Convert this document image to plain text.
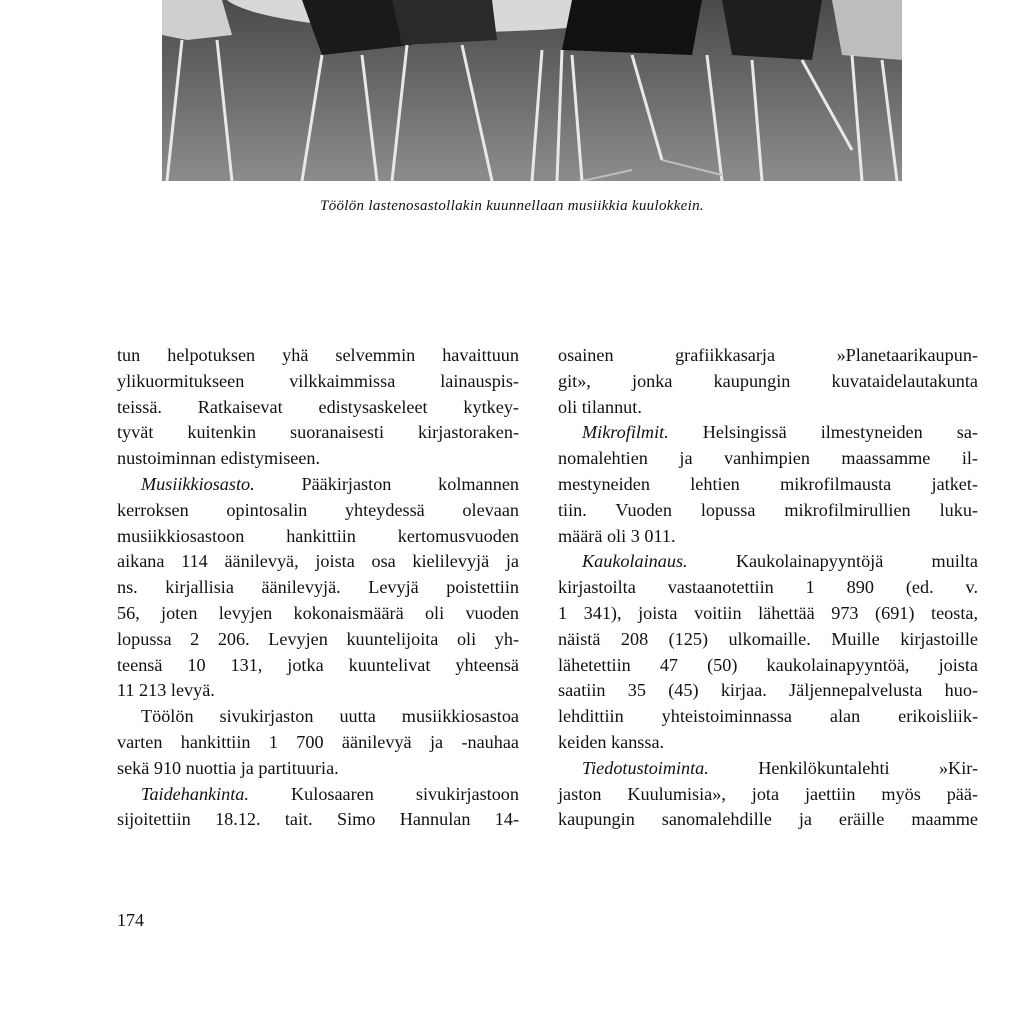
Töölön lastenosastollakin kuunnellaan musiikkia kuulokkein.
tun helpotuksen yhä selvemmin havaittuun
ylikuormitukseen vilkkaimmissa lainauspis-
teissä. Ratkaisevat edistysaskeleet kytkey-
tyvät kuitenkin suoranaisesti kirjastoraken-
nustoiminnan edistymiseen.
Musiikkiosasto. Pääkirjaston kolmannen
kerroksen opintosalin yhteydessä olevaan
musiikkiosastoon hankittiin kertomusvuoden
aikana 114 äänilevyä, joista osa kielilevyjä ja
ns. kirjallisia äänilevyjä. Levyjä poistettiin
56, joten levyjen kokonaismäärä oli vuoden
lopussa 2 206. Levyjen kuuntelijoita oli yh-
teensä 10 131, jotka kuuntelivat yhteensä
11 213 levyä.
Töölön sivukirjaston uutta musiikkiosastoa
varten hankittiin 1 700 äänilevyä ja -nauhaa
sekä 910 nuottia ja partituuria.
Taidehankinta. Kulosaaren sivukirjastoon
sijoitettiin 18.12. tait. Simo Hannulan 14-
osainen grafiikkasarja »Planetaarikaupun-
git», jonka kaupungin kuvataidelautakunta
oli tilannut.
Mikrofilmit. Helsingissä ilmestyneiden sa-
nomalehtien ja vanhimpien maassamme il-
mestyneiden lehtien mikrofilmausta jatket-
tiin. Vuoden lopussa mikrofilmirullien luku-
määrä oli 3 011.
Kaukolainaus. Kaukolainapyyntöjä muilta
kirjastoilta vastaanotettiin 1 890 (ed. v.
1 341), joista voitiin lähettää 973 (691) teosta,
näistä 208 (125) ulkomaille. Muille kirjastoille
lähetettiin 47 (50) kaukolainapyyntöä, joista
saatiin 35 (45) kirjaa. Jäljennepalvelusta huo-
lehdittiin yhteistoiminnassa alan erikoisliik-
keiden kanssa.
Tiedotustoiminta. Henkilökuntalehti »Kir-
jaston Kuulumisia», jota jaettiin myös pää-
kaupungin sanomalehdille ja eräille maamme
174
